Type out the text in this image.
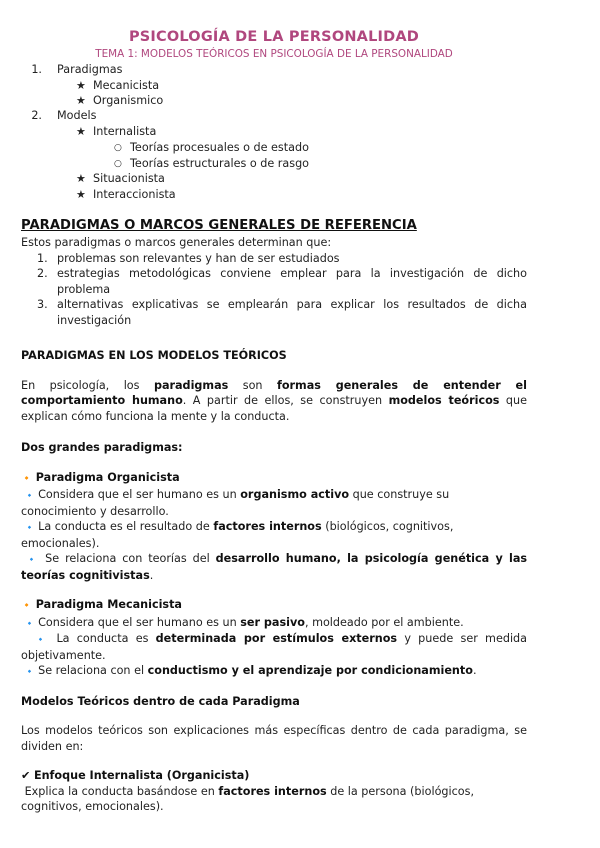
PSICOLOGÍA DE LA PERSONALIDAD
TEMA 1: MODELOS TEÓRICOS EN PSICOLOGÍA DE LA PERSONALIDAD
1. Paradigmas
★ Mecanicista
★ Organismico
2. Models
★ Internalista
○ Teorías procesuales o de estado
○ Teorías estructurales o de rasgo
★ Situacionista
★ Interaccionista
PARADIGMAS O MARCOS GENERALES DE REFERENCIA

Estos paradigmas o marcos generales determinan que:

1. problemas son relevantes y han de ser estudiados
2. estrategias metodológicas conviene emplear para la investigación de dicho problema
3. alternativas explicativas se emplearán para explicar los resultados de dicha investigación
PARADIGMAS EN LOS MODELOS TEÓRICOS

En psicología, los paradigmas son formas generales de entender el comportamiento humano. A partir de ellos, se construyen modelos teóricos que explican cómo funciona la mente y la conducta.

Dos grandes paradigmas:

🔸 Paradigma Organicista

🔹 Considera que el ser humano es un organismo activo que construye su conocimiento y desarrollo.

🔹 La conducta es el resultado de factores internos (biológicos, cognitivos, emocionales).

🔹 Se relaciona con teorías del desarrollo humano, la psicología genética y las teorías cognitivistas.

🔸 Paradigma Mecanicista

🔹 Considera que el ser humano es un ser pasivo, moldeado por el ambiente.

🔹 La conducta es determinada por estímulos externos y puede ser medida objetivamente.

🔹 Se relaciona con el conductismo y el aprendizaje por condicionamiento.

Modelos Teóricos dentro de cada Paradigma

Los modelos teóricos son explicaciones más específicas dentro de cada paradigma, se dividen en:

✔ Enfoque Internalista (Organicista)

Explica la conducta basándose en factores internos de la persona (biológicos, cognitivos, emocionales).
